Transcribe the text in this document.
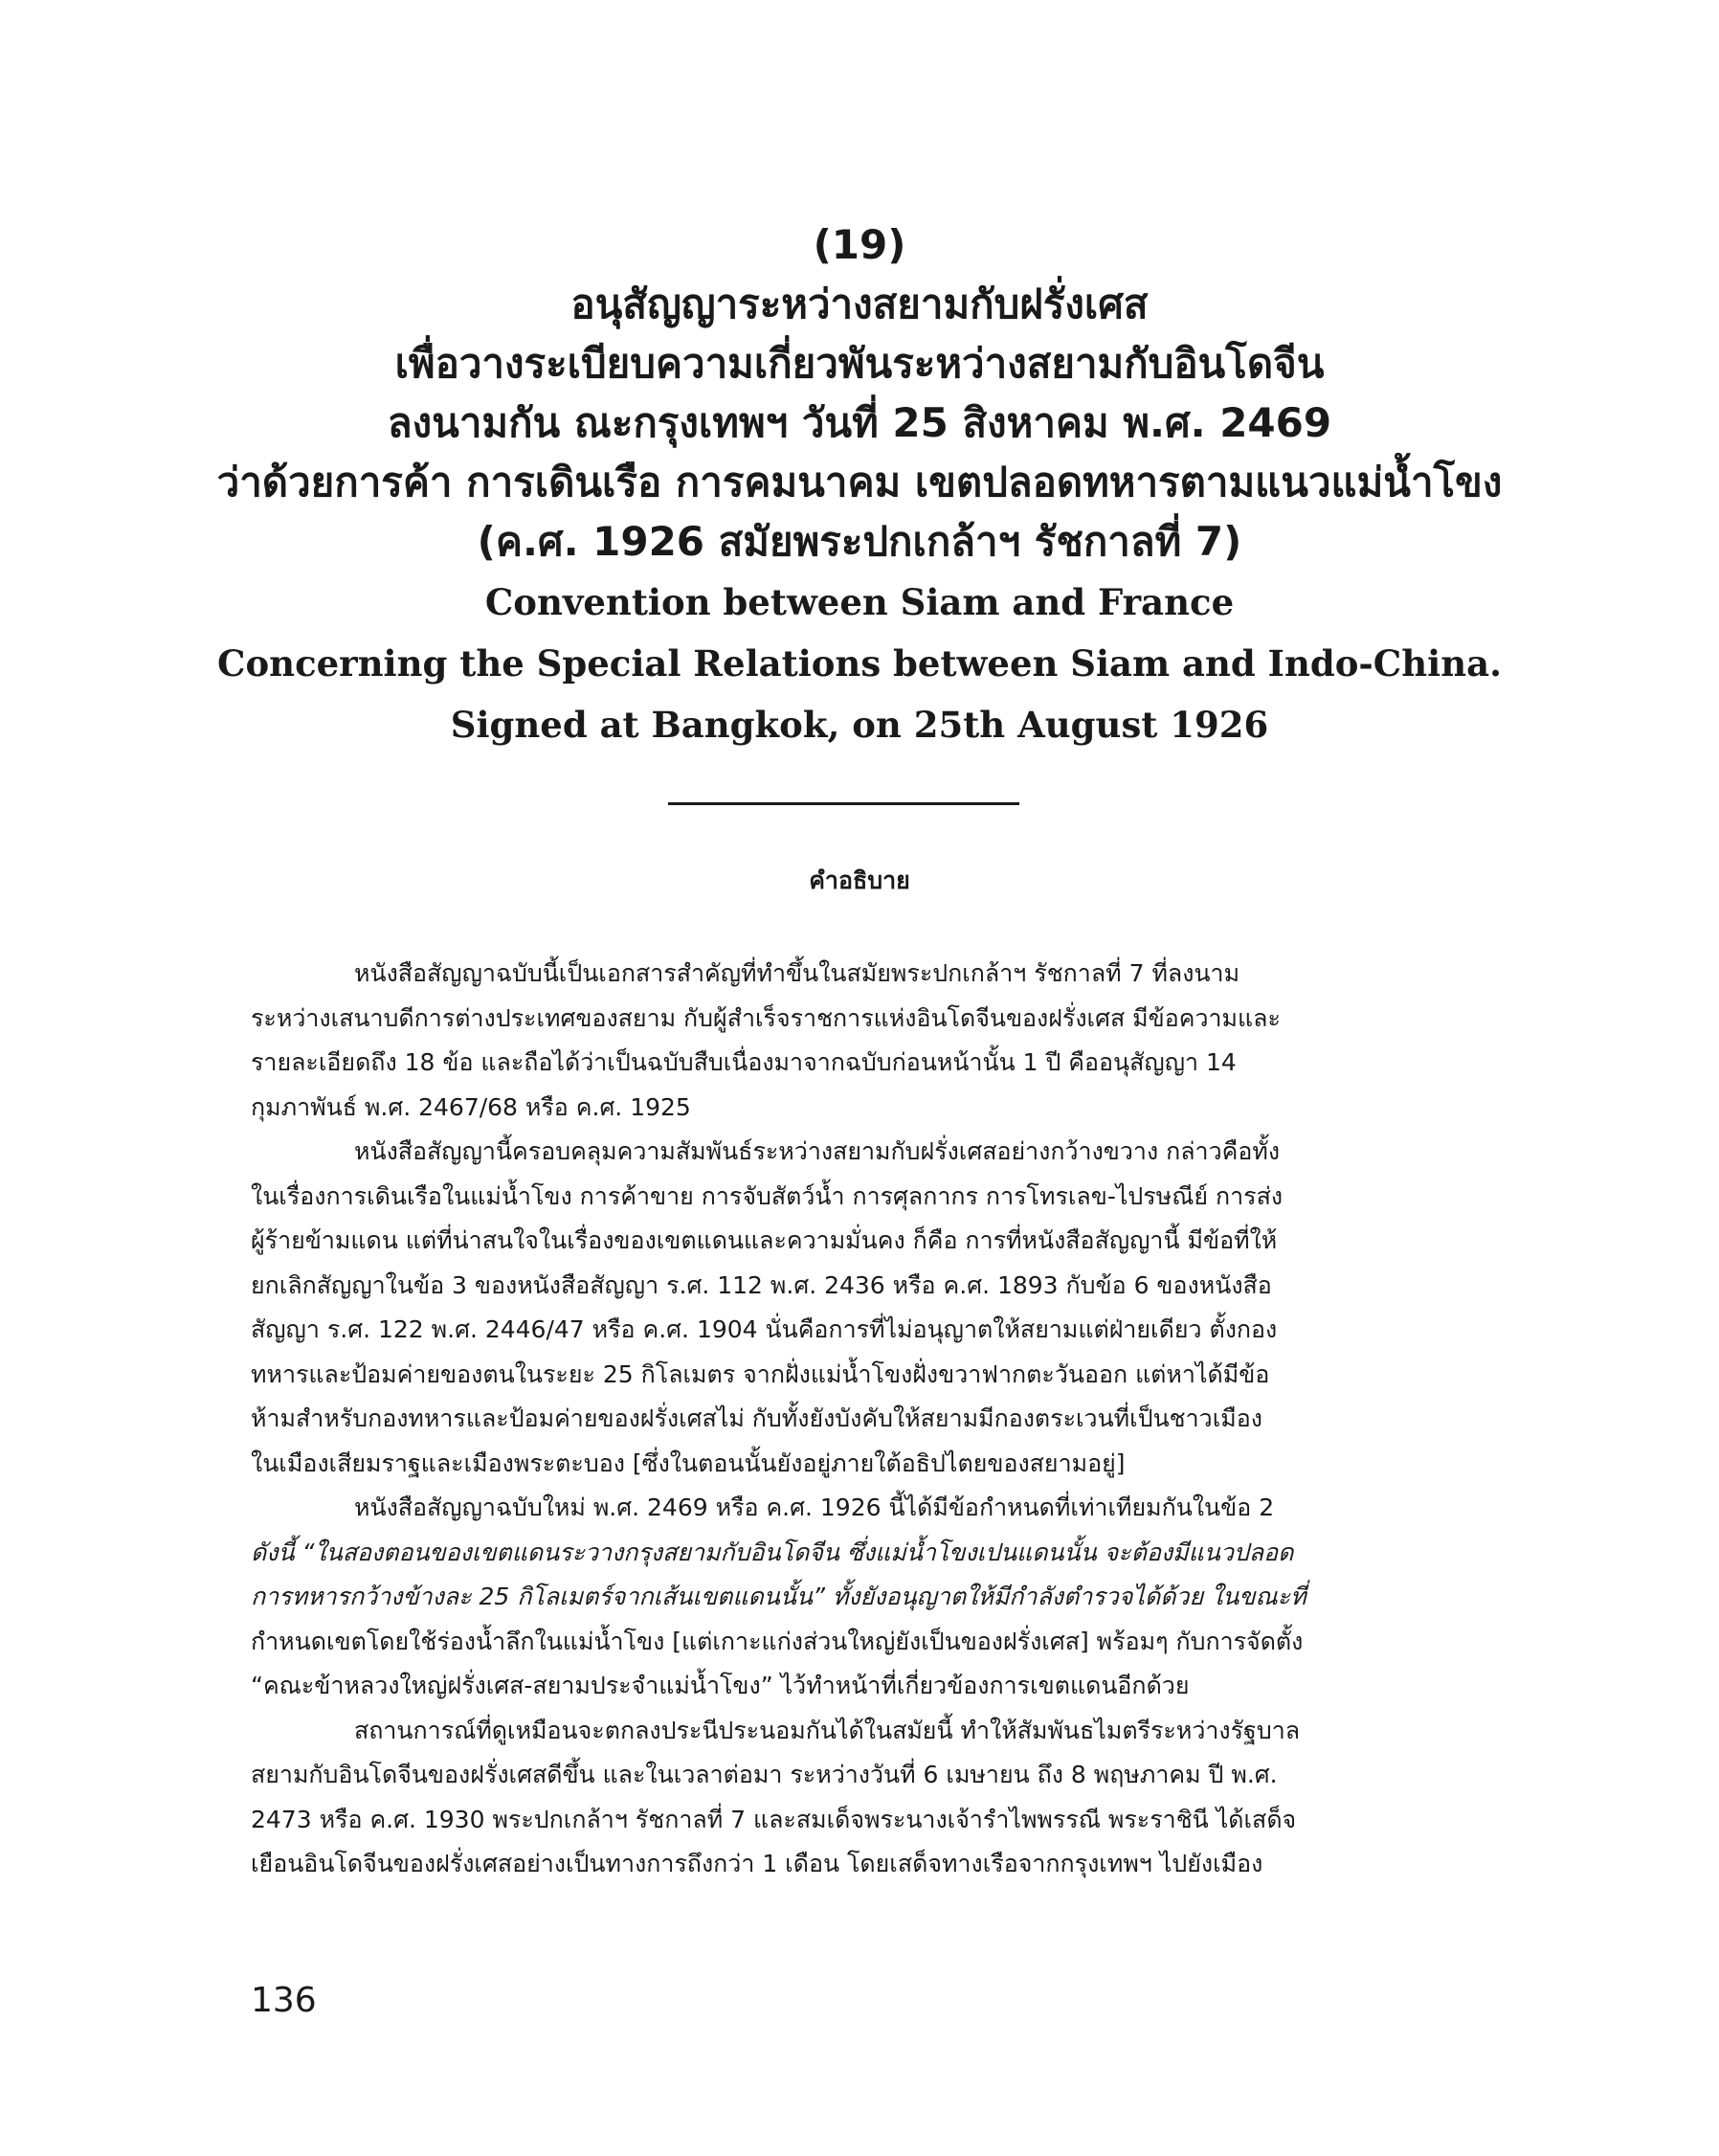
(19)

อนุสัญญาระหว่างสยามกับฝรั่งเศส

เพื่อวางระเบียบความเกี่ยวพันระหว่างสยามกับอินโดจีน

ลงนามกัน ณะกรุงเทพฯ วันที่ 25 สิงหาคม พ.ศ. 2469

ว่าด้วยการค้า การเดินเรือ การคมนาคม เขตปลอดทหารตามแนวแม่น้ำโขง

(ค.ศ. 1926 สมัยพระปกเกล้าฯ รัชกาลที่ 7)

Convention between Siam and France

Concerning the Special Relations between Siam and Indo-China.

Signed at Bangkok, on 25th August 1926

คำอธิบาย

หนังสือสัญญาฉบับนี้เป็นเอกสารสำคัญที่ทำขึ้นในสมัยพระปกเกล้าฯ รัชกาลที่ 7 ที่ลงนาม
ระหว่างเสนาบดีการต่างประเทศของสยาม กับผู้สำเร็จราชการแห่งอินโดจีนของฝรั่งเศส มีข้อความและ
รายละเอียดถึง 18 ข้อ และถือได้ว่าเป็นฉบับสืบเนื่องมาจากฉบับก่อนหน้านั้น 1 ปี คืออนุสัญญา 14
กุมภาพันธ์ พ.ศ. 2467/68 หรือ ค.ศ. 1925
หนังสือสัญญานี้ครอบคลุมความสัมพันธ์ระหว่างสยามกับฝรั่งเศสอย่างกว้างขวาง กล่าวคือทั้ง
ในเรื่องการเดินเรือในแม่น้ำโขง การค้าขาย การจับสัตว์น้ำ การศุลกากร การโทรเลข-ไปรษณีย์ การส่ง
ผู้ร้ายข้ามแดน แต่ที่น่าสนใจในเรื่องของเขตแดนและความมั่นคง ก็คือ การที่หนังสือสัญญานี้ มีข้อที่ให้
ยกเลิกสัญญาในข้อ 3 ของหนังสือสัญญา ร.ศ. 112 พ.ศ. 2436 หรือ ค.ศ. 1893 กับข้อ 6 ของหนังสือ
สัญญา ร.ศ. 122 พ.ศ. 2446/47 หรือ ค.ศ. 1904 นั่นคือการที่ไม่อนุญาตให้สยามแต่ฝ่ายเดียว ตั้งกอง
ทหารและป้อมค่ายของตนในระยะ 25 กิโลเมตร จากฝั่งแม่น้ำโขงฝั่งขวาฟากตะวันออก แต่หาได้มีข้อ
ห้ามสำหรับกองทหารและป้อมค่ายของฝรั่งเศสไม่ กับทั้งยังบังคับให้สยามมีกองตระเวนที่เป็นชาวเมือง
ในเมืองเสียมราฐและเมืองพระตะบอง [ซึ่งในตอนนั้นยังอยู่ภายใต้อธิปไตยของสยามอยู่]
หนังสือสัญญาฉบับใหม่ พ.ศ. 2469 หรือ ค.ศ. 1926 นี้ได้มีข้อกำหนดที่เท่าเทียมกันในข้อ 2
ดังนี้ “ในสองตอนของเขตแดนระวางกรุงสยามกับอินโดจีน ซึ่งแม่น้ำโขงเปนแดนนั้น จะต้องมีแนวปลอด
การทหารกว้างข้างละ 25 กิโลเมตร์จากเส้นเขตแดนนั้น” ทั้งยังอนุญาตให้มีกำลังตำรวจได้ด้วย ในขณะที่
กำหนดเขตโดยใช้ร่องน้ำลึกในแม่น้ำโขง [แต่เกาะแก่งส่วนใหญ่ยังเป็นของฝรั่งเศส] พร้อมๆ กับการจัดตั้ง
“คณะข้าหลวงใหญ่ฝรั่งเศส-สยามประจำแม่น้ำโขง” ไว้ทำหน้าที่เกี่ยวข้องการเขตแดนอีกด้วย
สถานการณ์ที่ดูเหมือนจะตกลงประนีประนอมกันได้ในสมัยนี้ ทำให้สัมพันธไมตรีระหว่างรัฐบาล
สยามกับอินโดจีนของฝรั่งเศสดีขึ้น และในเวลาต่อมา ระหว่างวันที่ 6 เมษายน ถึง 8 พฤษภาคม ปี พ.ศ.
2473 หรือ ค.ศ. 1930 พระปกเกล้าฯ รัชกาลที่ 7 และสมเด็จพระนางเจ้ารำไพพรรณี พระราชินี ได้เสด็จ
เยือนอินโดจีนของฝรั่งเศสอย่างเป็นทางการถึงกว่า 1 เดือน โดยเสด็จทางเรือจากกรุงเทพฯ ไปยังเมือง

136
